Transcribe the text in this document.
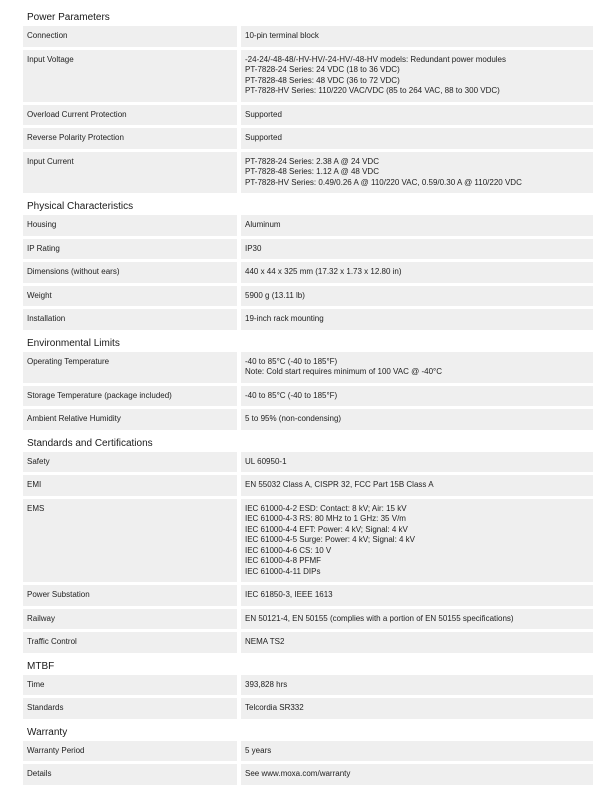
Power Parameters
Connection	10-pin terminal block
Input Voltage	-24-24/-48-48/-HV-HV/-24-HV/-48-HV models: Redundant power modules
PT-7828-24 Series: 24 VDC (18 to 36 VDC)
PT-7828-48 Series: 48 VDC (36 to 72 VDC)
PT-7828-HV Series: 110/220 VAC/VDC (85 to 264 VAC, 88 to 300 VDC)
Overload Current Protection	Supported
Reverse Polarity Protection	Supported
Input Current	PT-7828-24 Series: 2.38 A @ 24 VDC
PT-7828-48 Series: 1.12 A @ 48 VDC
PT-7828-HV Series: 0.49/0.26 A @ 110/220 VAC, 0.59/0.30 A @ 110/220 VDC
Physical Characteristics
Housing	Aluminum
IP Rating	IP30
Dimensions (without ears)	440 x 44 x 325 mm (17.32 x 1.73 x 12.80 in)
Weight	5900 g (13.11 lb)
Installation	19-inch rack mounting
Environmental Limits
Operating Temperature	-40 to 85°C (-40 to 185°F)
Note: Cold start requires minimum of 100 VAC @ -40°C
Storage Temperature (package included)	-40 to 85°C (-40 to 185°F)
Ambient Relative Humidity	5 to 95% (non-condensing)
Standards and Certifications
Safety	UL 60950-1
EMI	EN 55032 Class A, CISPR 32, FCC Part 15B Class A
EMS	IEC 61000-4-2 ESD: Contact: 8 kV; Air: 15 kV
IEC 61000-4-3 RS: 80 MHz to 1 GHz: 35 V/m
IEC 61000-4-4 EFT: Power: 4 kV; Signal: 4 kV
IEC 61000-4-5 Surge: Power: 4 kV; Signal: 4 kV
IEC 61000-4-6 CS: 10 V
IEC 61000-4-8 PFMF
IEC 61000-4-11 DIPs
Power Substation	IEC 61850-3, IEEE 1613
Railway	EN 50121-4, EN 50155 (complies with a portion of EN 50155 specifications)
Traffic Control	NEMA TS2
MTBF
Time	393,828 hrs
Standards	Telcordia SR332
Warranty
Warranty Period	5 years
Details	See www.moxa.com/warranty
